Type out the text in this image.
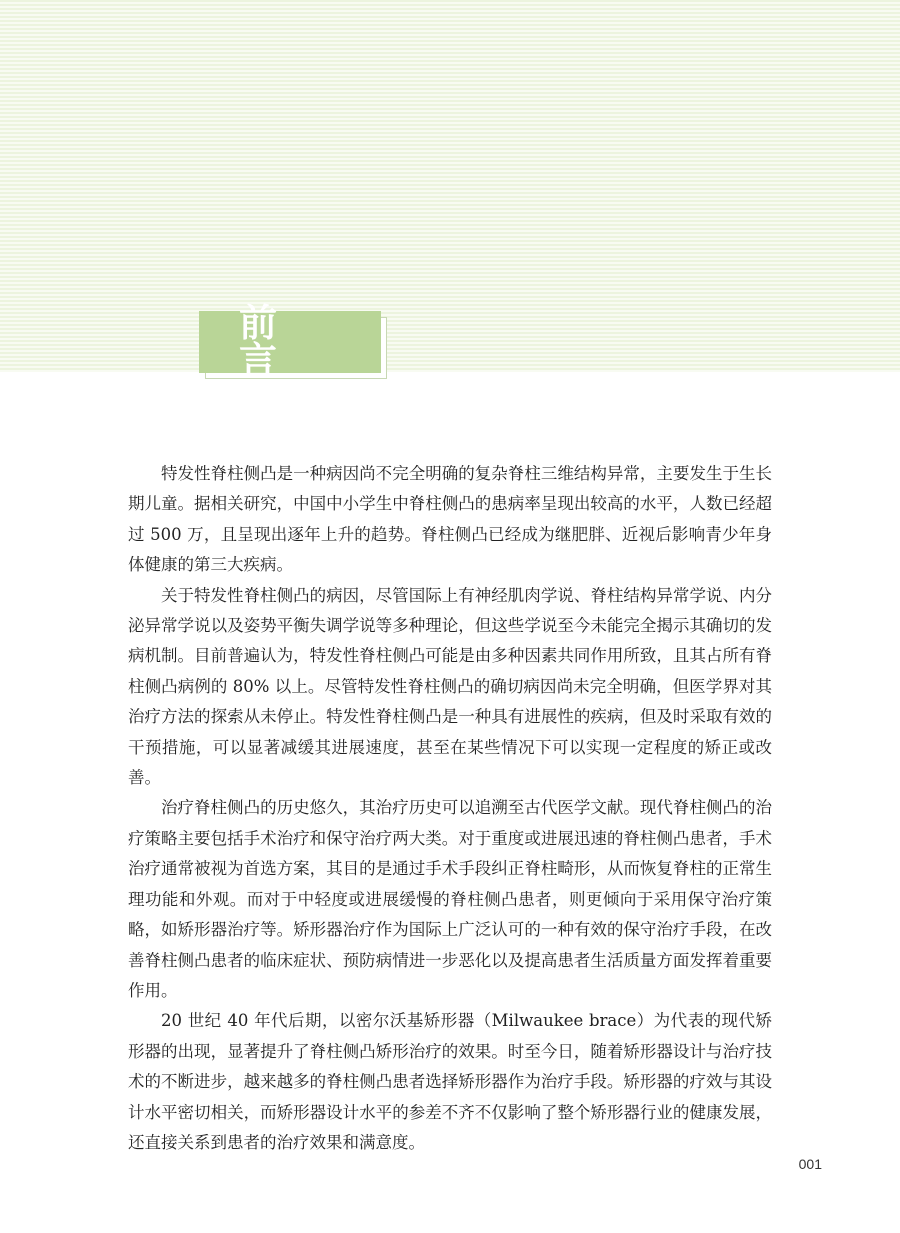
前言

特发性脊柱侧凸是一种病因尚不完全明确的复杂脊柱三维结构异常，主要发生于生长期儿童。据相关研究，中国中小学生中脊柱侧凸的患病率呈现出较高的水平，人数已经超过 500 万，且呈现出逐年上升的趋势。脊柱侧凸已经成为继肥胖、近视后影响青少年身体健康的第三大疾病。

关于特发性脊柱侧凸的病因，尽管国际上有神经肌肉学说、脊柱结构异常学说、内分泌异常学说以及姿势平衡失调学说等多种理论，但这些学说至今未能完全揭示其确切的发病机制。目前普遍认为，特发性脊柱侧凸可能是由多种因素共同作用所致，且其占所有脊柱侧凸病例的 80% 以上。尽管特发性脊柱侧凸的确切病因尚未完全明确，但医学界对其治疗方法的探索从未停止。特发性脊柱侧凸是一种具有进展性的疾病，但及时采取有效的干预措施，可以显著减缓其进展速度，甚至在某些情况下可以实现一定程度的矫正或改善。

治疗脊柱侧凸的历史悠久，其治疗历史可以追溯至古代医学文献。现代脊柱侧凸的治疗策略主要包括手术治疗和保守治疗两大类。对于重度或进展迅速的脊柱侧凸患者，手术治疗通常被视为首选方案，其目的是通过手术手段纠正脊柱畸形，从而恢复脊柱的正常生理功能和外观。而对于中轻度或进展缓慢的脊柱侧凸患者，则更倾向于采用保守治疗策略，如矫形器治疗等。矫形器治疗作为国际上广泛认可的一种有效的保守治疗手段，在改善脊柱侧凸患者的临床症状、预防病情进一步恶化以及提高患者生活质量方面发挥着重要作用。

20 世纪 40 年代后期，以密尔沃基矫形器（Milwaukee brace）为代表的现代矫形器的出现，显著提升了脊柱侧凸矫形治疗的效果。时至今日，随着矫形器设计与治疗技术的不断进步，越来越多的脊柱侧凸患者选择矫形器作为治疗手段。矫形器的疗效与其设计水平密切相关，而矫形器设计水平的参差不齐不仅影响了整个矫形器行业的健康发展，还直接关系到患者的治疗效果和满意度。

001
